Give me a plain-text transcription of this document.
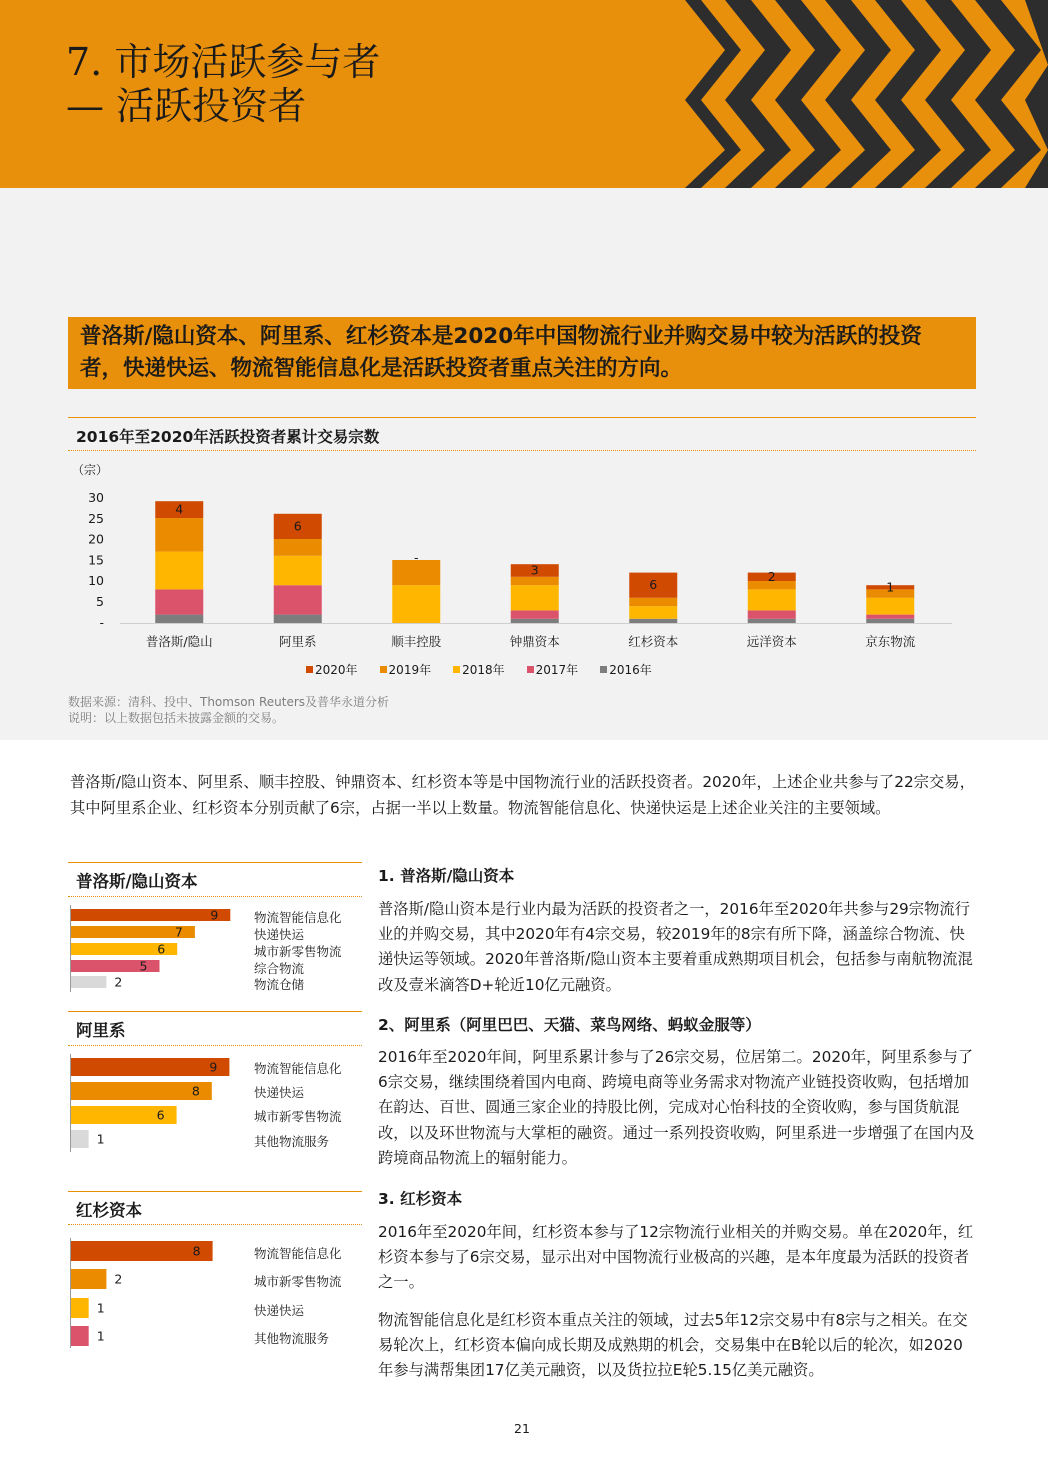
7. 市场活跃参与者
— 活跃投资者
普洛斯/隐山资本、阿里系、红杉资本是2020年中国物流行业并购交易中较为活跃的投资者，快递快运、物流智能信息化是活跃投资者重点关注的方向。
2016年至2020年活跃投资者累计交易宗数
（宗）
30
25
20
15
10
5
-
4
普洛斯/隐山
6
阿里系
-
顺丰控股
3
钟鼎资本
6
红杉资本
2
远洋资本
1
京东物流
2020年	2019年	2018年	2017年	2016年
数据来源：清科、投中、Thomson Reuters及普华永道分析
说明：以上数据包括未披露金额的交易。
普洛斯/隐山资本、阿里系、顺丰控股、钟鼎资本、红杉资本等是中国物流行业的活跃投资者。2020年，上述企业共参与了22宗交易，其中阿里系企业、红杉资本分别贡献了6宗，占据一半以上数量。物流智能信息化、快递快运是上述企业关注的主要领域。
普洛斯/隐山资本
9
7
6
5
2
物流智能信息化
快递快运
城市新零售物流
综合物流
物流仓储
阿里系
9
8
6
1
物流智能信息化
快递快运
城市新零售物流
其他物流服务
红杉资本
8
2
1
1
物流智能信息化
城市新零售物流
快递快运
其他物流服务
1. 普洛斯/隐山资本
普洛斯/隐山资本是行业内最为活跃的投资者之一，2016年至2020年共参与29宗物流行业的并购交易，其中2020年有4宗交易，较2019年的8宗有所下降，涵盖综合物流、快递快运等领域。2020年普洛斯/隐山资本主要着重成熟期项目机会，包括参与南航物流混改及壹米滴答D+轮近10亿元融资。
2、阿里系（阿里巴巴、天猫、菜鸟网络、蚂蚁金服等）
2016年至2020年间，阿里系累计参与了26宗交易，位居第二。2020年，阿里系参与了6宗交易，继续围绕着国内电商、跨境电商等业务需求对物流产业链投资收购，包括增加在韵达、百世、圆通三家企业的持股比例，完成对心怡科技的全资收购，参与国货航混改，以及环世物流与大掌柜的融资。通过一系列投资收购，阿里系进一步增强了在国内及跨境商品物流上的辐射能力。
3. 红杉资本
2016年至2020年间，红杉资本参与了12宗物流行业相关的并购交易。单在2020年，红杉资本参与了6宗交易，显示出对中国物流行业极高的兴趣，是本年度最为活跃的投资者之一。
物流智能信息化是红杉资本重点关注的领域，过去5年12宗交易中有8宗与之相关。在交易轮次上，红杉资本偏向成长期及成熟期的机会，交易集中在B轮以后的轮次，如2020年参与满帮集团17亿美元融资，以及货拉拉E轮5.15亿美元融资。
21
